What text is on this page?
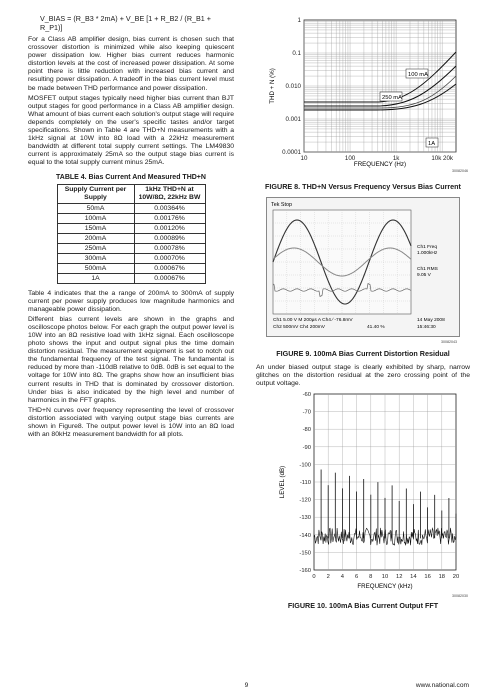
V_BIAS = (R_B3 * 2mA) + V_BE [1 + R_B2 / (R_B1 + R_P1)]

For a Class AB amplifier design, bias current is chosen such that crossover distortion is minimized while also keeping quiescent power dissipation low. Higher bias current reduces harmonic distortion levels at the cost of increased power dissipation. At some point there is little reduction with increased bias current and resulting power dissipation. A tradeoff in the bias current level must be made between THD performance and power dissipation.

MOSFET output stages typically need higher bias current than BJT output stages for good performance in a Class AB amplifier design. What amount of bias current each solution's output stage will require depends completely on the user's specific tastes and/or target specifications. Shown in Table 4 are THD+N measurements with a 1kHz signal at 10W into 8Ω load with a 22kHz measurement bandwidth at different total supply current settings. The LM49830 current is approximately 25mA so the output stage bias current is equal to the total supply current minus 25mA.

TABLE 4. Bias Current And Measured THD+N
Supply Current per Supply	1kHz THD+N at 10W/8Ω, 22kHz BW
50mA	0.00364%
100mA	0.00176%
150mA	0.00120%
200mA	0.00089%
250mA	0.00078%
300mA	0.00070%
500mA	0.00067%
1A	0.00067%

Table 4 indicates that the a range of 200mA to 300mA of supply current per power supply produces low magnitude harmonics and manageable power dissipation.

Different bias current levels are shown in the graphs and oscilloscope photos below. For each graph the output power level is 10W into an 8Ω resistive load with 1kHz signal. Each oscilloscope photo shows the input and output signal plus the time domain distortion residual. The measurement equipment is set to notch out the fundamental frequency of the test signal. The fundamental is reduced by more than -110dB relative to 0dB. 0dB is set equal to the voltage for 10W into 8Ω. The graphs show how an insufficient bias current results in THD that is dominated by crossover distortion. Under bias is also indicated by the high level and number of harmonics in the FFT graphs.

THD+N curves over frequency representing the level of crossover distortion associated with varying output stage bias currents are shown in Figure8. The output power level is 10W into an 8Ω load with an 80kHz measurement bandwidth for all plots.

1
0.1
0.010
0.001
0.0001
10	100	1k	10k 20k
THD + N (%)
FREQUENCY (Hz)
100 mA
250 mA
1A
30082046
FIGURE 8. THD+N Versus Frequency Versus Bias Current
Tek Stop
Ch1 Freq
1.000kHz
Ch1 RMS
9.05 V
Ch1 5.00 V M 200µs A Ch4 ∕ -76.8mV
Ch2 500mV Ch4 200mV	41.40 %
14 May 2008
15:46:30
30082043
FIGURE 9. 100mA Bias Current Distortion Residual

An under biased output stage is clearly exhibited by sharp, narrow glitches on the distortion residual at the zero crossing point of the output voltage.

-60
-70
-80
-90
-100
-110
-120
-130
-140
-150
-160
0 2 4 6 8 10 12 14 16 18 20
LEVEL (dB)
FREQUENCY (kHz)
30082030
FIGURE 10. 100mA Bias Current Output FFT
9	www.national.com
